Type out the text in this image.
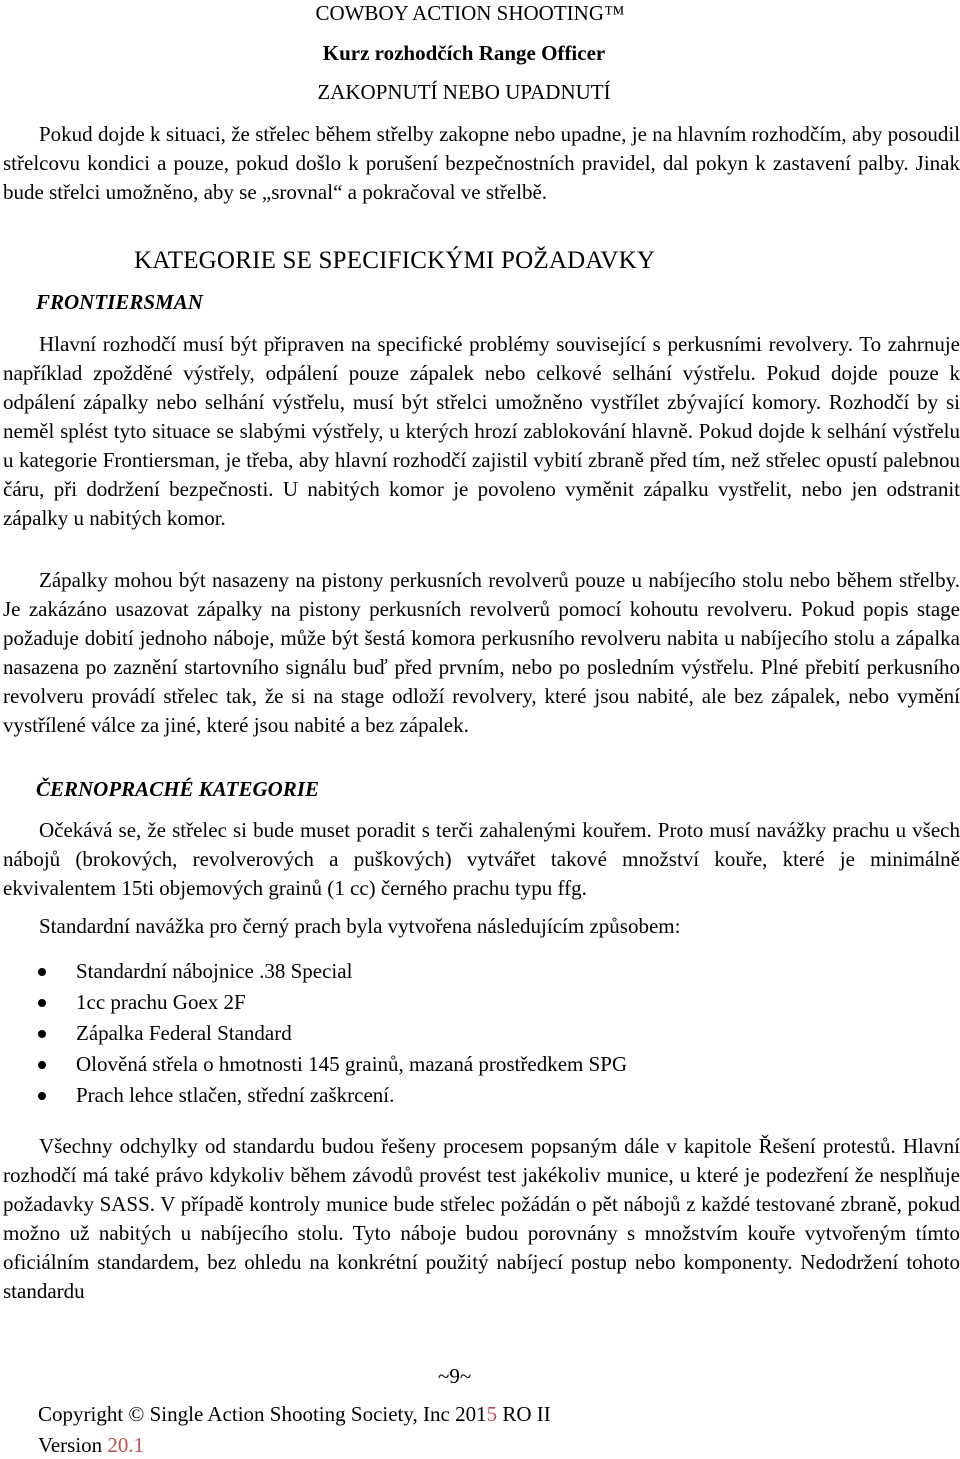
COWBOY ACTION SHOOTING™
Kurz rozhodčích Range Officer
ZAKOPNUTÍ NEBO UPADNUTÍ

Pokud dojde k situaci, že střelec během střelby zakopne nebo upadne, je na hlavním rozhodčím, aby posoudil střelcovu kondici a pouze, pokud došlo k porušení bezpečnostních pravidel, dal pokyn k zastavení palby. Jinak bude střelci umožněno, aby se „srovnal“ a pokračoval ve střelbě.

KATEGORIE SE SPECIFICKÝMI POŽADAVKY
FRONTIERSMAN

Hlavní rozhodčí musí být připraven na specifické problémy související s perkusními revolvery. To zahrnuje například zpožděné výstřely, odpálení pouze zápalek nebo celkové selhání výstřelu. Pokud dojde pouze k odpálení zápalky nebo selhání výstřelu, musí být střelci umožněno vystřílet zbývající komory. Rozhodčí by si neměl splést tyto situace se slabými výstřely, u kterých hrozí zablokování hlavně. Pokud dojde k selhání výstřelu u kategorie Frontiersman, je třeba, aby hlavní rozhodčí zajistil vybití zbraně před tím, než střelec opustí palebnou čáru, při dodržení bezpečnosti. U nabitých komor je povoleno vyměnit zápalku vystřelit, nebo jen odstranit zápalky u nabitých komor.

Zápalky mohou být nasazeny na pistony perkusních revolverů pouze u nabíjecího stolu nebo během střelby. Je zakázáno usazovat zápalky na pistony perkusních revolverů pomocí kohoutu revolveru. Pokud popis stage požaduje dobití jednoho náboje, může být šestá komora perkusního revolveru nabita u nabíjecího stolu a zápalka nasazena po zaznění startovního signálu buď před prvním, nebo po posledním výstřelu. Plné přebití perkusního revolveru provádí střelec tak, že si na stage odloží revolvery, které jsou nabité, ale bez zápalek, nebo vymění vystřílené válce za jiné, které jsou nabité a bez zápalek.

ČERNOPRACHÉ KATEGORIE

Očekává se, že střelec si bude muset poradit s terči zahalenými kouřem. Proto musí navážky prachu u všech nábojů (brokových, revolverových a puškových) vytvářet takové množství kouře, které je minimálně ekvivalentem 15ti objemových grainů (1 cc) černého prachu typu ffg.

Standardní navážka pro černý prach byla vytvořena následujícím způsobem:

Standardní nábojnice .38 Special
1cc prachu Goex 2F
Zápalka Federal Standard
Olověná střela o hmotnosti 145 grainů, mazaná prostředkem SPG
Prach lehce stlačen, střední zaškrcení.

Všechny odchylky od standardu budou řešeny procesem popsaným dále v kapitole Řešení protestů. Hlavní rozhodčí má také právo kdykoliv během závodů provést test jakékoliv munice, u které je podezření že nesplňuje požadavky SASS. V případě kontroly munice bude střelec požádán o pět nábojů z každé testované zbraně, pokud možno už nabitých u nabíjecího stolu. Tyto náboje budou porovnány s množstvím kouře vytvořeným tímto oficiálním standardem, bez ohledu na konkrétní použitý nabíjecí postup nebo komponenty. Nedodržení tohoto standardu

~9~
Copyright © Single Action Shooting Society, Inc 2015 RO II
Version 20.1
